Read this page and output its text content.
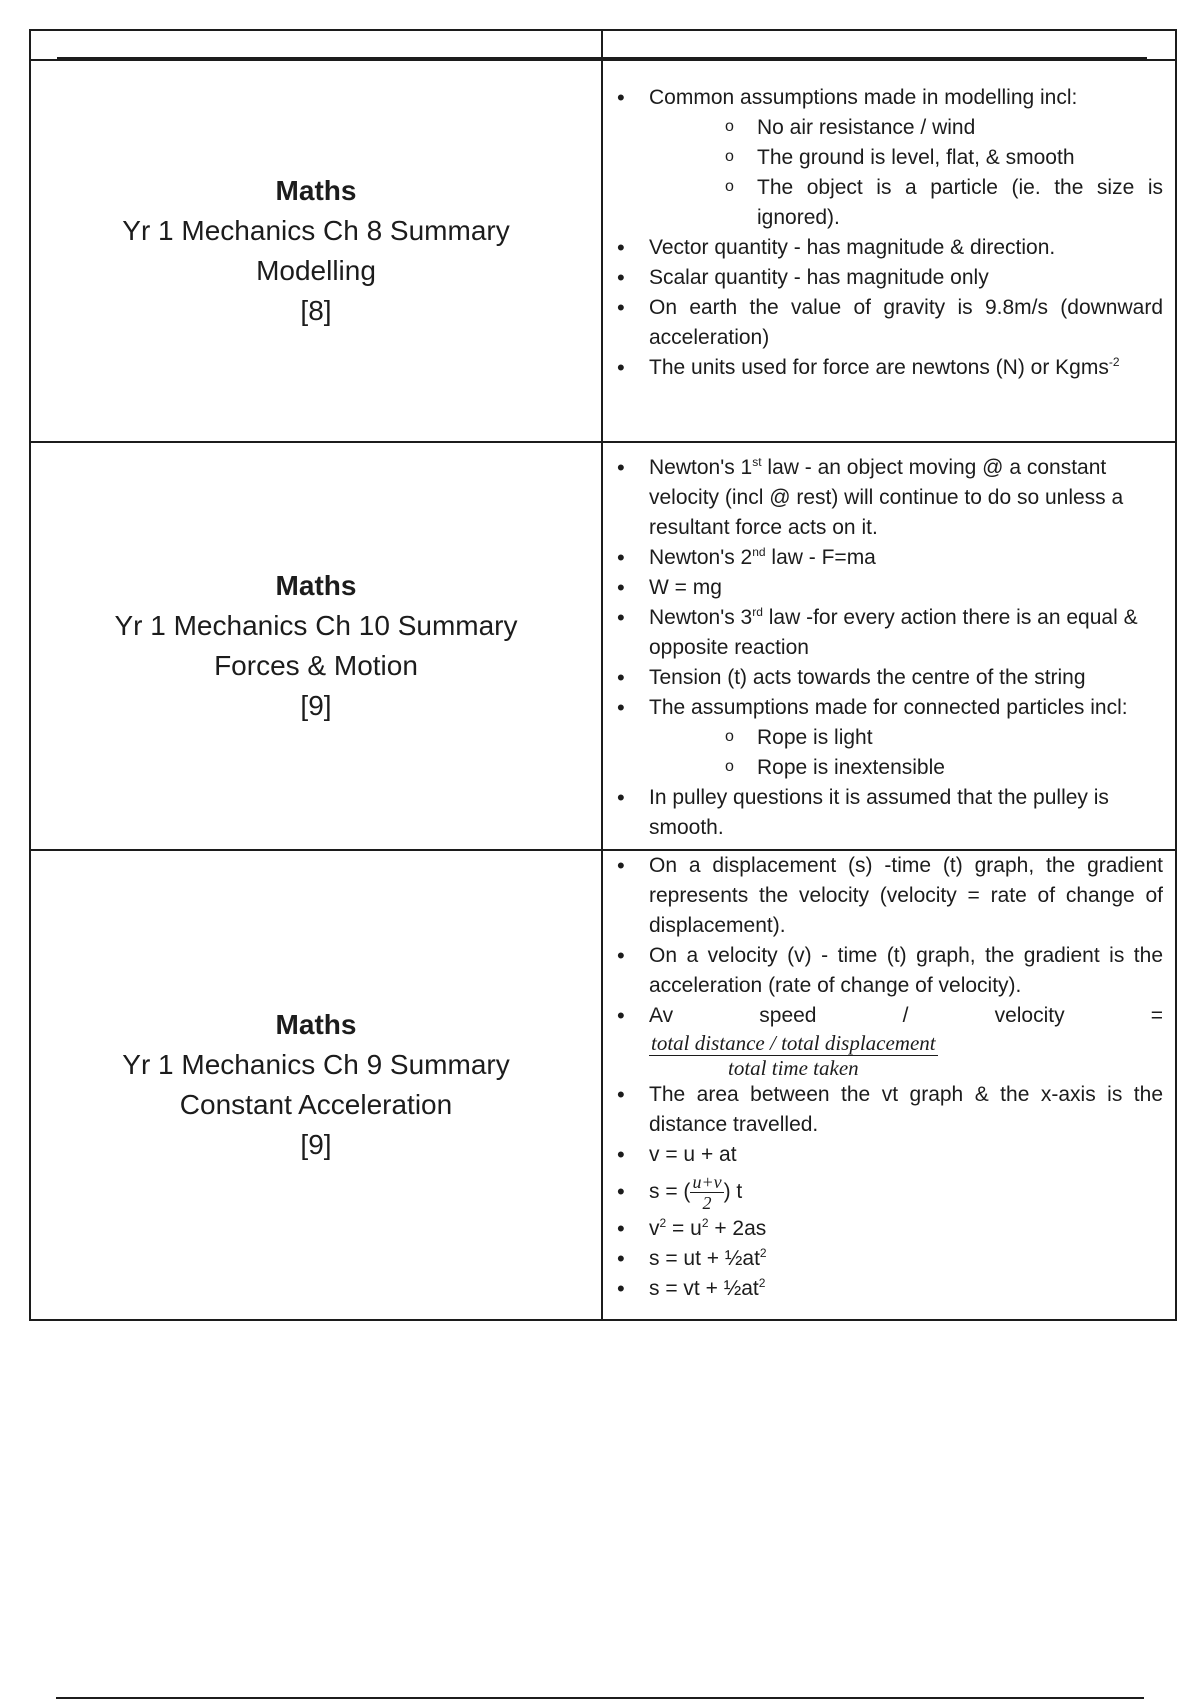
Maths
Yr 1 Mechanics Ch 8 Summary
Modelling
[8]
• Common assumptions made in modelling incl:
o No air resistance / wind
o The ground is level, flat, & smooth
o The object is a particle (ie. the size is ignored).
• Vector quantity - has magnitude & direction.
• Scalar quantity - has magnitude only
• On earth the value of gravity is 9.8m/s (downward acceleration)
• The units used for force are newtons (N) or Kgms$^{-2}$
Maths
Yr 1 Mechanics Ch 10 Summary
Forces & Motion
[9]
• Newton's 1st law - an object moving @ a constant velocity (incl @ rest) will continue to do so unless a resultant force acts on it.
• Newton's 2nd law - F=ma
• W = mg
• Newton's 3rd law -for every action there is an equal & opposite reaction
• Tension (t) acts towards the centre of the string
• The assumptions made for connected particles incl:
o Rope is light
o Rope is inextensible
• In pulley questions it is assumed that the pulley is smooth.
Maths
Yr 1 Mechanics Ch 9 Summary
Constant Acceleration
[9]
• On a displacement (s) -time (t) graph, the gradient represents the velocity (velocity = rate of change of displacement).
• On a velocity (v) - time (t) graph, the gradient is the acceleration (rate of change of velocity).
• Av	speed	/	velocity	=
$\frac{\text{total distance / total displacement}}{\text{total time taken}}$
• The area between the vt graph & the x-axis is the distance travelled.
• v = u + at
• s = ( $\frac{u+v}{2}$ ) t
• $v^2 = u^2 + 2as$
• s = ut + $\frac{1}{2}at^2$
• s = vt + $\frac{1}{2}at^2$
